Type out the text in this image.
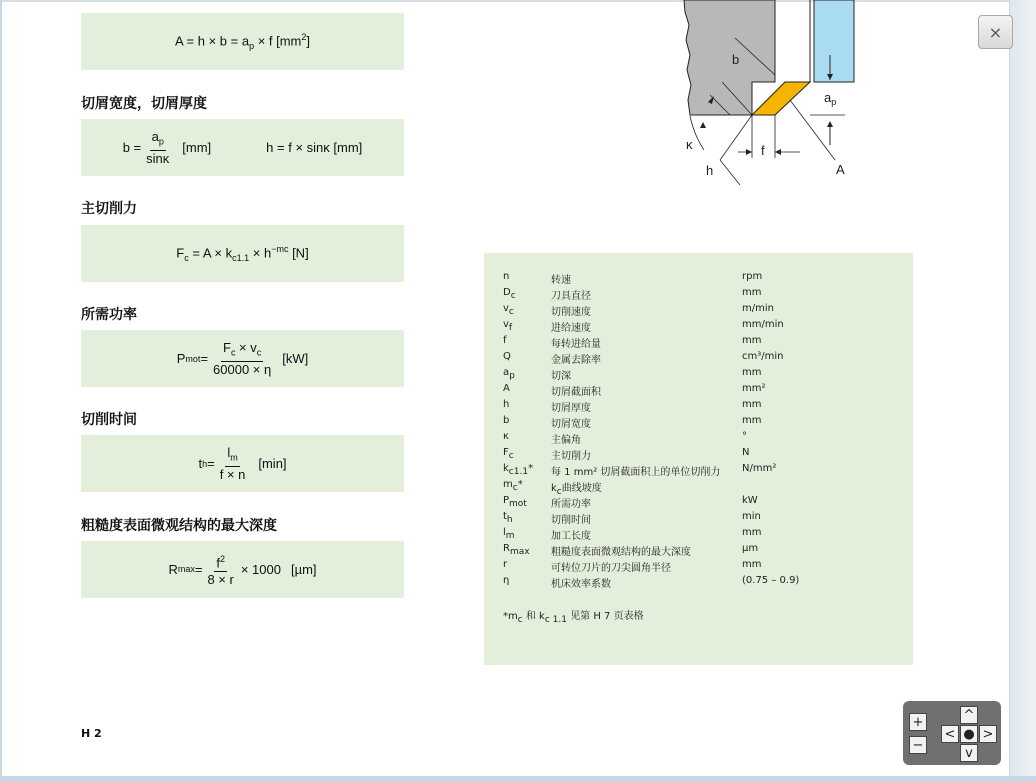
$A = h \times b = a_p \times f$ $[mm^2]$
切屑宽度，切屑厚度
$b = \frac{a_p}{\sin\kappa} [mm]$	h = f × sinκ [mm]
主切削力
$F_c = A \times k_{c1.1} \times h^{-mc}$ [N]
所需功率
P mot = $\frac{F_c \times v_c}{60000 \times \eta} [kW]$
切削时间
t $h = \frac{l_m}{f \times n} [\min]$
粗糙度表面微观结构的最大深度
R $\max = \frac{f^2}{8 \times r} \times 1000$ [µm]
b
$a_p$
κ	f
h	A
n	转速	rpm
$D_c$	刀具直径	mm
$v_c$	切削速度	m/min
$v_f$	进给速度	mm/min
f	每转进给量	mm
Q	金属去除率	cm³/min
$a_p$	切深	mm
A	切屑截面积	mm²
h	切屑厚度	mm
b	切屑宽度	mm
κ	主偏角	°
$F_c$	主切削力	N
$k_{c1.1}*$	每 1 mm² 切屑截面积上的单位切削力	N/mm²
$m_c*$	$k_c$曲线坡度
$P_{mot}$	所需功率	kW
$t_h$	切削时间	min
$l_m$	加工长度	mm
$R_{max}$	粗糙度表面微观结构的最大深度	µm
r	可转位刀片的刀尖圆角半径	mm
η	机床效率系数	(0.75 – 0.9)
$*m_c$ 和 $k_{c 1.1}$ 见第 H 7 页表格
H 2
×
+
−
^
< ● >
v
